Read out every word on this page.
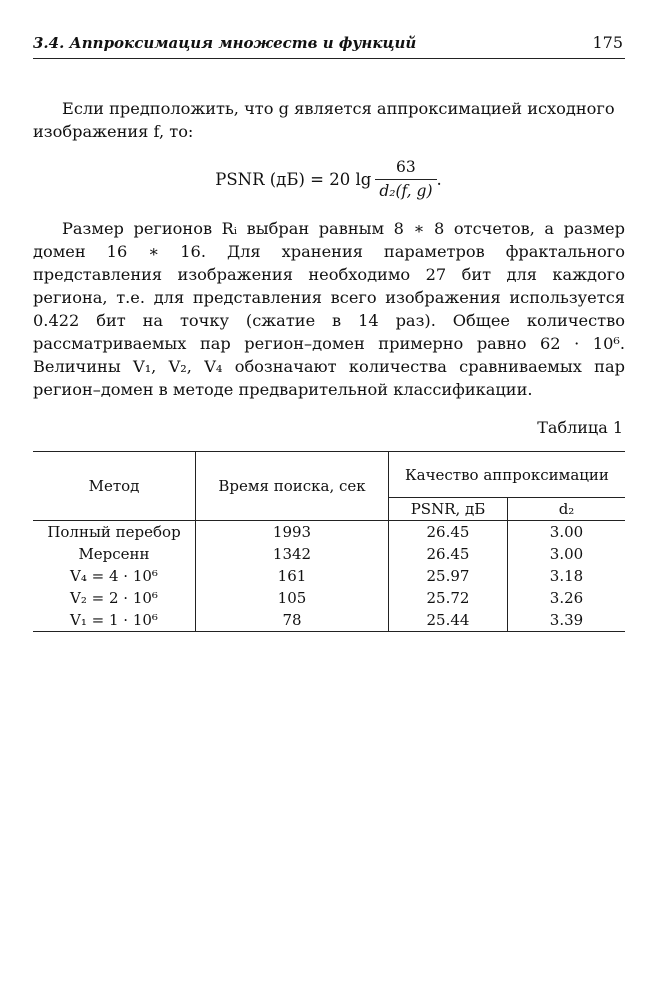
3.4. Аппроксимация множеств и функций	175

Если предположить, что g является аппроксимацией исходного
изображения f, то:

PSNR (дБ) = 20 $\lg \frac{63}{\text{d₂(f, g)}}$ .

Размер регионов Rᵢ выбран равным 8 ∗ 8 отсчетов, а размер домен 16 ∗ 16. Для хранения параметров фрактального представления изображения необходимо 27 бит для каждого региона, т.е. для представления всего изображения используется 0.422 бит на точку (сжатие в 14 раз). Общее количество рассматриваемых пар регион–домен примерно равно 62 · 10⁶. Величины V₁, V₂, V₄ обозначают количества сравниваемых пар регион–домен в методе предварительной классификации.

Таблица 1
Метод	Время поиска, сек	Качество аппроксимации	
		PSNR, дБ	d₂
Полный перебор	1993	26.45	3.00
Мерсенн	1342	26.45	3.00
V₄ = 4 · 10⁶	161	25.97	3.18
V₂ = 2 · 10⁶	105	25.72	3.26
V₁ = 1 · 10⁶	78	25.44	3.39
